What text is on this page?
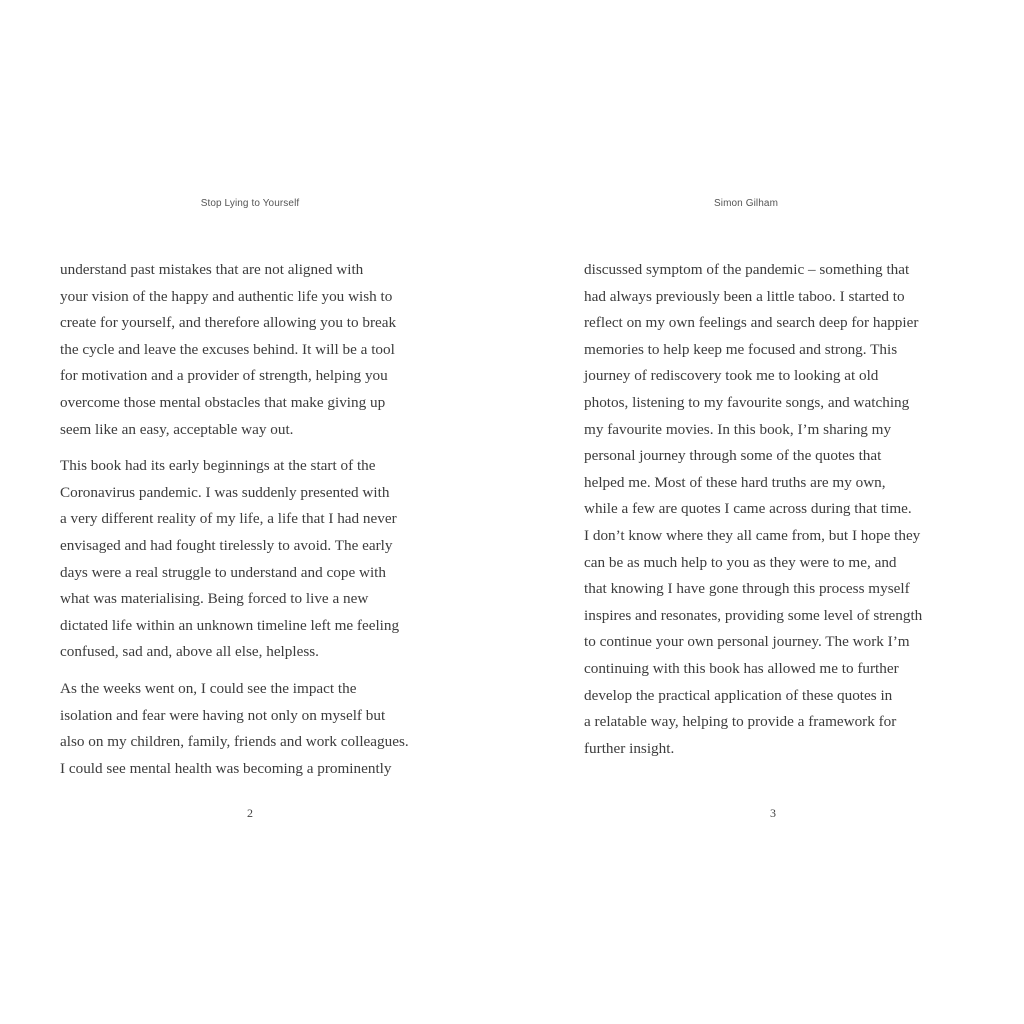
Stop Lying to Yourself
understand past mistakes that are not aligned with
your vision of the happy and authentic life you wish to
create for yourself, and therefore allowing you to break
the cycle and leave the excuses behind. It will be a tool
for motivation and a provider of strength, helping you
overcome those mental obstacles that make giving up
seem like an easy, acceptable way out.
This book had its early beginnings at the start of the
Coronavirus pandemic. I was suddenly presented with
a very different reality of my life, a life that I had never
envisaged and had fought tirelessly to avoid. The early
days were a real struggle to understand and cope with
what was materialising. Being forced to live a new
dictated life within an unknown timeline left me feeling
confused, sad and, above all else, helpless.
As the weeks went on, I could see the impact the
isolation and fear were having not only on myself but
also on my children, family, friends and work colleagues.
I could see mental health was becoming a prominently
2
Simon Gilham
discussed symptom of the pandemic – something that
had always previously been a little taboo. I started to
reflect on my own feelings and search deep for happier
memories to help keep me focused and strong. This
journey of rediscovery took me to looking at old
photos, listening to my favourite songs, and watching
my favourite movies. In this book, I’m sharing my
personal journey through some of the quotes that
helped me. Most of these hard truths are my own,
while a few are quotes I came across during that time.
I don’t know where they all came from, but I hope they
can be as much help to you as they were to me, and
that knowing I have gone through this process myself
inspires and resonates, providing some level of strength
to continue your own personal journey. The work I’m
continuing with this book has allowed me to further
develop the practical application of these quotes in
a relatable way, helping to provide a framework for
further insight.
3
